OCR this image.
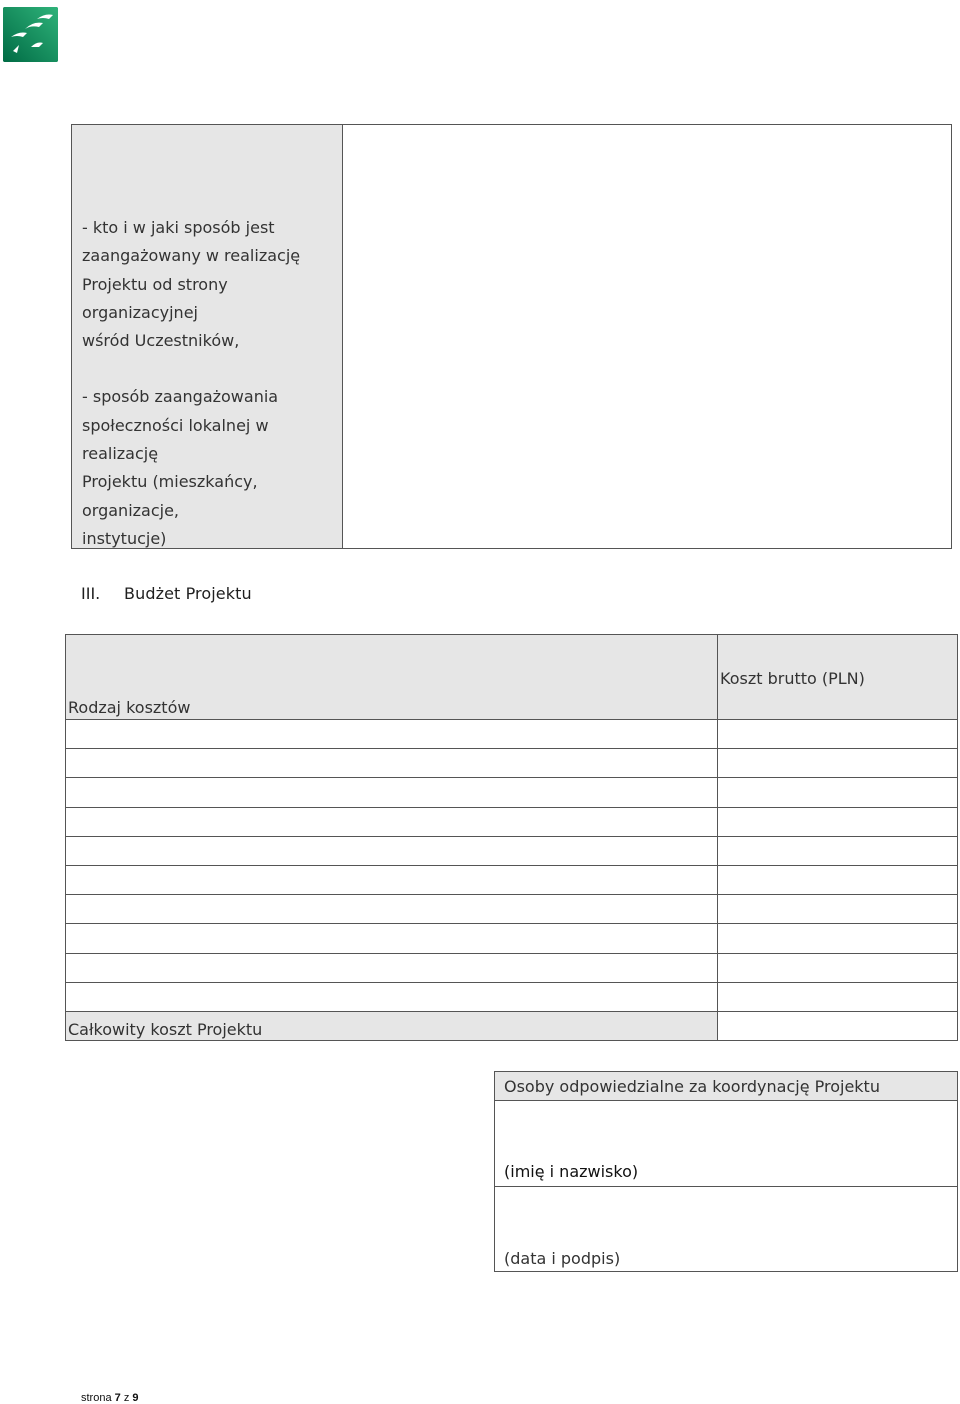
- kto i w jaki sposób jest

zaangażowany w realizację

Projektu od strony organizacyjnej

wśród Uczestników,

- sposób zaangażowania

społeczności lokalnej w realizację

Projektu (mieszkańcy, organizacje,

instytucje)

III. Budżet Projektu
Rodzaj kosztów	Koszt brutto (PLN)

Całkowity koszt Projektu	
Osoby odpowiedzialne za koordynację Projektu
(imię i nazwisko)
(data i podpis)
strona 7 z 9
